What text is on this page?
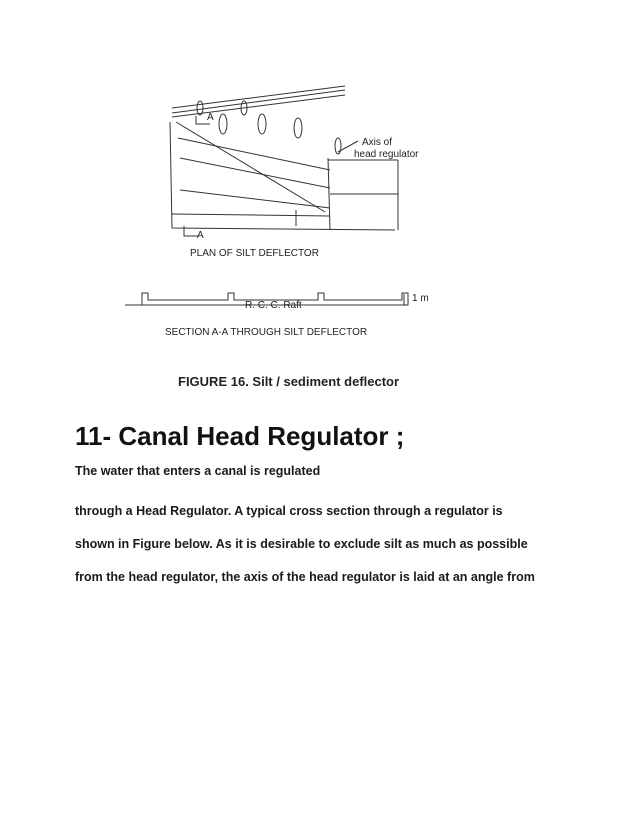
A
A
Axis of
head regulator
PLAN OF SILT DEFLECTOR
R. C. C. Raft
1 m
SECTION A-A THROUGH SILT DEFLECTOR
FIGURE 16. Silt / sediment deflector
11- Canal Head Regulator ;

The water that enters a canal is regulated

through a Head Regulator. A typical cross section through a regulator is

shown in Figure below. As it is desirable to exclude silt as much as possible

from the head regulator, the axis of the head regulator is laid at an angle from
